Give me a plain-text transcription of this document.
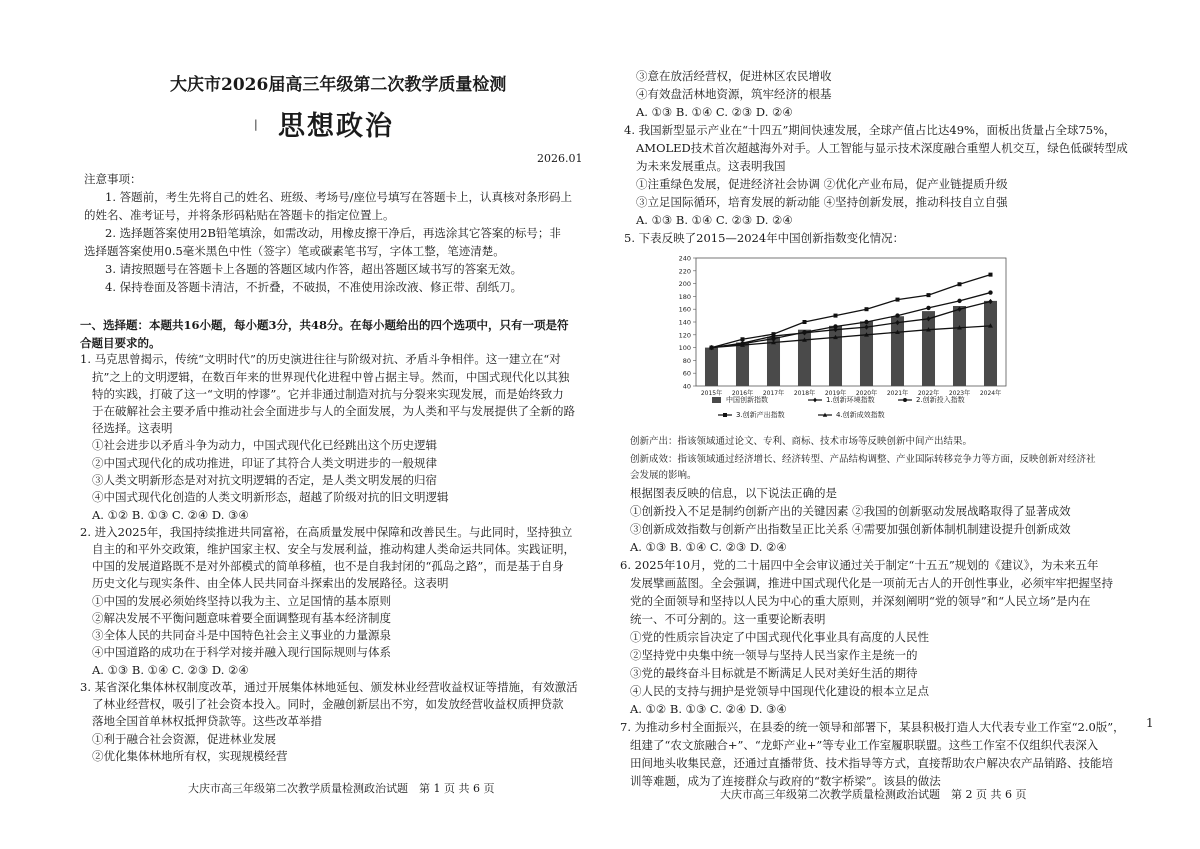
大庆市2026届高三年级第二次教学质量检测
| 思想政治
2026.01
注意事项：
1. 答题前，考生先将自己的姓名、班级、考场号/座位号填写在答题卡上，认真核对条形码上
的姓名、准考证号，并将条形码粘贴在答题卡的指定位置上。
2. 选择题答案使用2B铅笔填涂，如需改动，用橡皮擦干净后，再选涂其它答案的标号；非
选择题答案使用0.5毫米黑色中性（签字）笔或碳素笔书写，字体工整，笔迹清楚。
3. 请按照题号在答题卡上各题的答题区域内作答，超出答题区域书写的答案无效。
4. 保持卷面及答题卡清洁，不折叠，不破损，不准使用涂改液、修正带、刮纸刀。
一、选择题：本题共16小题，每小题3分，共48分。在每小题给出的四个选项中，只有一项是符
合题目要求的。
1. 马克思曾揭示，传统“文明时代”的历史演进往往与阶级对抗、矛盾斗争相伴。这一建立在“对
抗”之上的文明逻辑，在数百年来的世界现代化进程中曾占据主导。然而，中国式现代化以其独
特的实践，打破了这一“文明的悖谬”。它并非通过制造对抗与分裂来实现发展，而是始终致力
于在破解社会主要矛盾中推动社会全面进步与人的全面发展，为人类和平与发展提供了全新的路
径选择。这表明
①社会进步以矛盾斗争为动力，中国式现代化已经跳出这个历史逻辑
②中国式现代化的成功推进，印证了其符合人类文明进步的一般规律
③人类文明新形态是对对抗文明逻辑的否定，是人类文明发展的归宿
④中国式现代化创造的人类文明新形态，超越了阶级对抗的旧文明逻辑
A. ①② B. ①③ C. ②④ D. ③④
2. 进入2025年，我国持续推进共同富裕，在高质量发展中保障和改善民生。与此同时，坚持独立
自主的和平外交政策，维护国家主权、安全与发展利益，推动构建人类命运共同体。实践证明，
中国的发展道路既不是对外部模式的简单移植，也不是自我封闭的“孤岛之路”，而是基于自身
历史文化与现实条件、由全体人民共同奋斗探索出的发展路径。这表明
①中国的发展必须始终坚持以我为主、立足国情的基本原则
②解决发展不平衡问题意味着要全面调整现有基本经济制度
③全体人民的共同奋斗是中国特色社会主义事业的力量源泉
④中国道路的成功在于科学对接并融入现行国际规则与体系
A. ①③ B. ①④ C. ②③ D. ②④
3. 某省深化集体林权制度改革，通过开展集体林地延包、颁发林业经营收益权证等措施，有效激活
了林业经营权，吸引了社会资本投入。同时，金融创新层出不穷，如发放经营收益权质押贷款
落地全国首单林权抵押贷款等。这些改革举措
①利于融合社会资源，促进林业发展
②优化集体林地所有权，实现规模经营
大庆市高三年级第二次教学质量检测政治试题　第 1 页 共 6 页
③意在放活经营权，促进林区农民增收
④有效盘活林地资源，筑牢经济的根基
A. ①③ B. ①④ C. ②③ D. ②④
4. 我国新型显示产业在“十四五”期间快速发展，全球产值占比达49%，面板出货量占全球75%，
AMOLED技术首次超越海外对手。人工智能与显示技术深度融合重塑人机交互，绿色低碳转型成
为未来发展重点。这表明我国
①注重绿色发展，促进经济社会协调 ②优化产业布局，促产业链提质升级
③立足国际循环，培育发展的新动能 ④坚持创新发展，推动科技自立自强
A. ①③ B. ①④ C. ②③ D. ②④
5. 下表反映了2015—2024年中国创新指数变化情况：
40
60
80
100
120
140
160
180
200
220
240
2015年 2016年 2017年 2018年 2019年 2020年 2021年 2022年 2023年 2024年
中国创新指数	1.创新环境指数	2.创新投入指数
3.创新产出指数	4.创新成效指数
创新产出：指该领域通过论文、专利、商标、技术市场等反映创新中间产出结果。
创新成效：指该领域通过经济增长、经济转型、产品结构调整、产业国际转移竞争力等方面，反映创新对经济社
会发展的影响。
根据图表反映的信息，以下说法正确的是
①创新投入不足是制约创新产出的关键因素 ②我国的创新驱动发展战略取得了显著成效
③创新成效指数与创新产出指数呈正比关系 ④需要加强创新体制机制建设提升创新成效
A. ①③ B. ①④ C. ②③ D. ②④
6. 2025年10月，党的二十届四中全会审议通过关于制定“十五五”规划的《建议》，为未来五年
发展擘画蓝图。全会强调，推进中国式现代化是一项前无古人的开创性事业，必须牢牢把握坚持
党的全面领导和坚持以人民为中心的重大原则，并深刻阐明“党的领导”和“人民立场”是内在
统一、不可分割的。这一重要论断表明
①党的性质宗旨决定了中国式现代化事业具有高度的人民性
②坚持党中央集中统一领导与坚持人民当家作主是统一的
③党的最终奋斗目标就是不断满足人民对美好生活的期待
④人民的支持与拥护是党领导中国现代化建设的根本立足点
A. ①② B. ①③ C. ②④ D. ③④
7. 为推动乡村全面振兴，在县委的统一领导和部署下，某县积极打造人大代表专业工作室“2.0版”，
组建了“农文旅融合+”、“龙虾产业+”等专业工作室履职联盟。这些工作室不仅组织代表深入
田间地头收集民意，还通过直播带货、技术指导等方式，直接帮助农户解决农产品销路、技能培
训等难题，成为了连接群众与政府的“数字桥梁”。该县的做法
大庆市高三年级第二次教学质量检测政治试题　第 2 页 共 6 页
1
